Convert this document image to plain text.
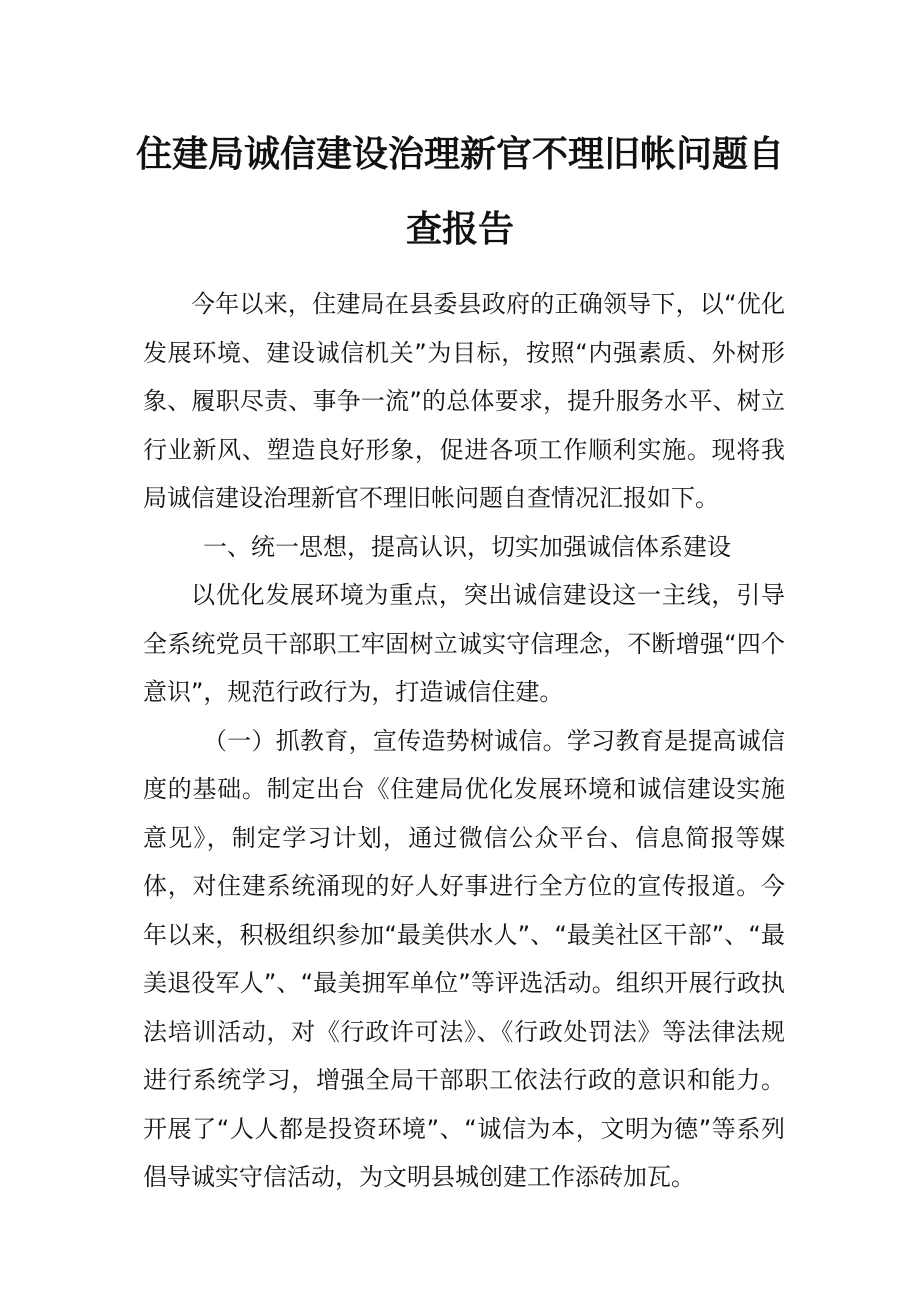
住建局诚信建设治理新官不理旧帐问题自
查报告

今年以来，住建局在县委县政府的正确领导下，以“优化发展环境、建设诚信机关”为目标，按照“内强素质、外树形象、履职尽责、事争一流”的总体要求，提升服务水平、树立行业新风、塑造良好形象，促进各项工作顺利实施。现将我局诚信建设治理新官不理旧帐问题自查情况汇报如下。

一、统一思想，提高认识，切实加强诚信体系建设

以优化发展环境为重点，突出诚信建设这一主线，引导全系统党员干部职工牢固树立诚实守信理念，不断增强“四个意识”，规范行政行为，打造诚信住建。

（一）抓教育，宣传造势树诚信。学习教育是提高诚信度的基础。制定出台《住建局优化发展环境和诚信建设实施意见》，制定学习计划，通过微信公众平台、信息简报等媒体，对住建系统涌现的好人好事进行全方位的宣传报道。今年以来，积极组织参加“最美供水人”、“最美社区干部”、“最美退役军人”、“最美拥军单位”等评选活动。组织开展行政执法培训活动，对《行政许可法》、《行政处罚法》等法律法规进行系统学习，增强全局干部职工依法行政的意识和能力。开展了“人人都是投资环境”、“诚信为本，文明为德”等系列倡导诚实守信活动，为文明县城创建工作添砖加瓦。
